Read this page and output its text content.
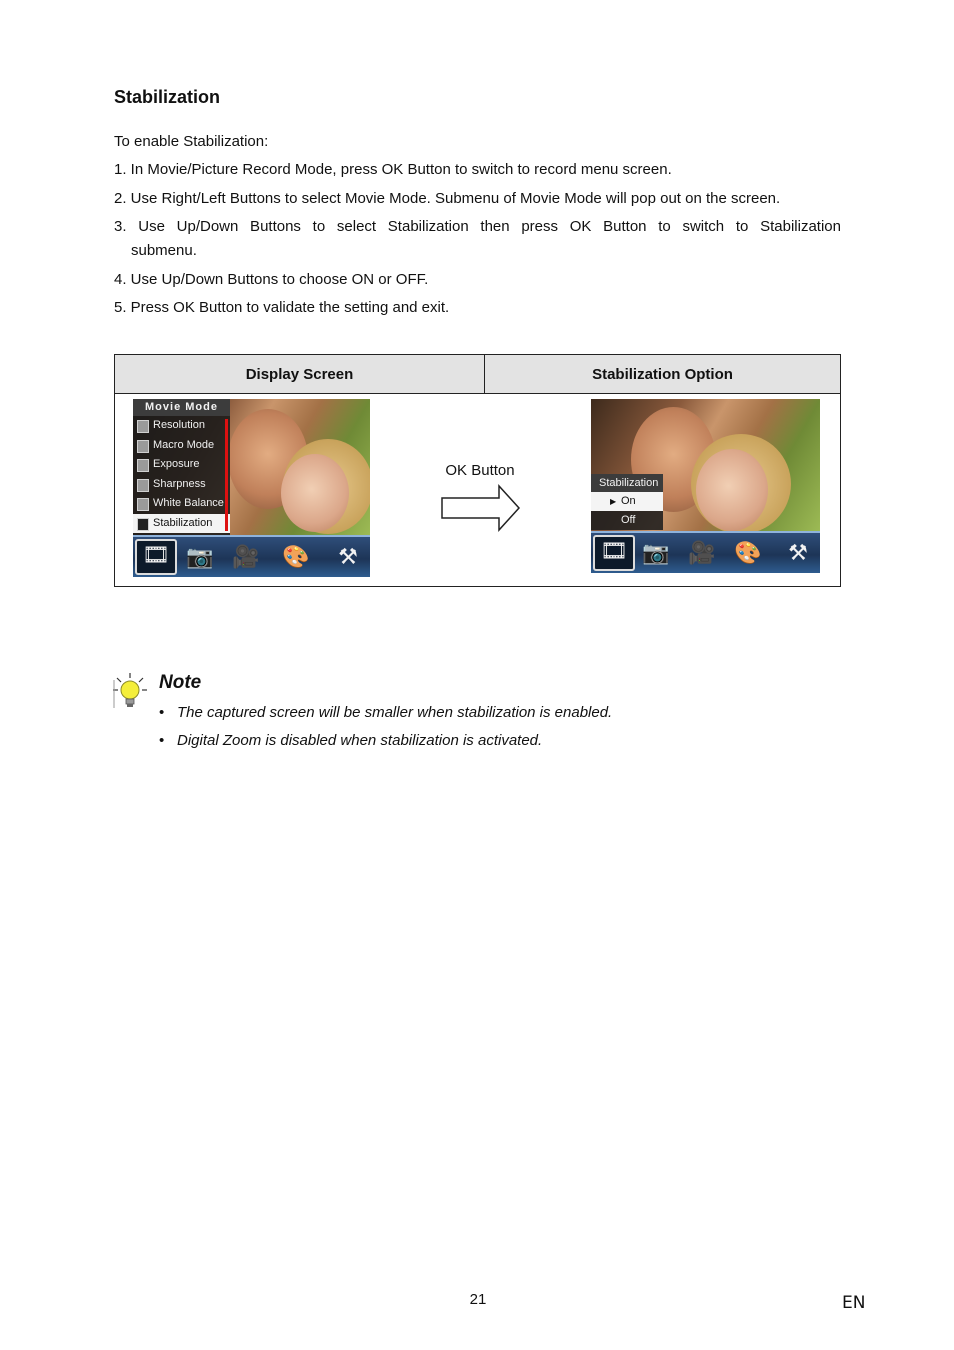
Stabilization
To enable Stabilization:
1. In Movie/Picture Record Mode, press OK Button to switch to record menu screen.
2. Use Right/Left Buttons to select Movie Mode. Submenu of Movie Mode will pop out on the screen.
3. Use Up/Down Buttons to select Stabilization then press OK Button to switch to Stabilization
submenu.
4. Use Up/Down Buttons to choose ON or OFF.
5. Press OK Button to validate the setting and exit.
Display Screen	Stabilization Option

Movie Mode
Resolution
Macro Mode
Exposure
Sharpness
White Balance
Stabilization
🎞 📷 🎥 🎨 ⚒
OK Button
Stabilization
▶ On
Off
🎞 📷 🎥 🎨 ⚒
Note
• The captured screen will be smaller when stabilization is enabled.
• Digital Zoom is disabled when stabilization is activated.
21	EN
